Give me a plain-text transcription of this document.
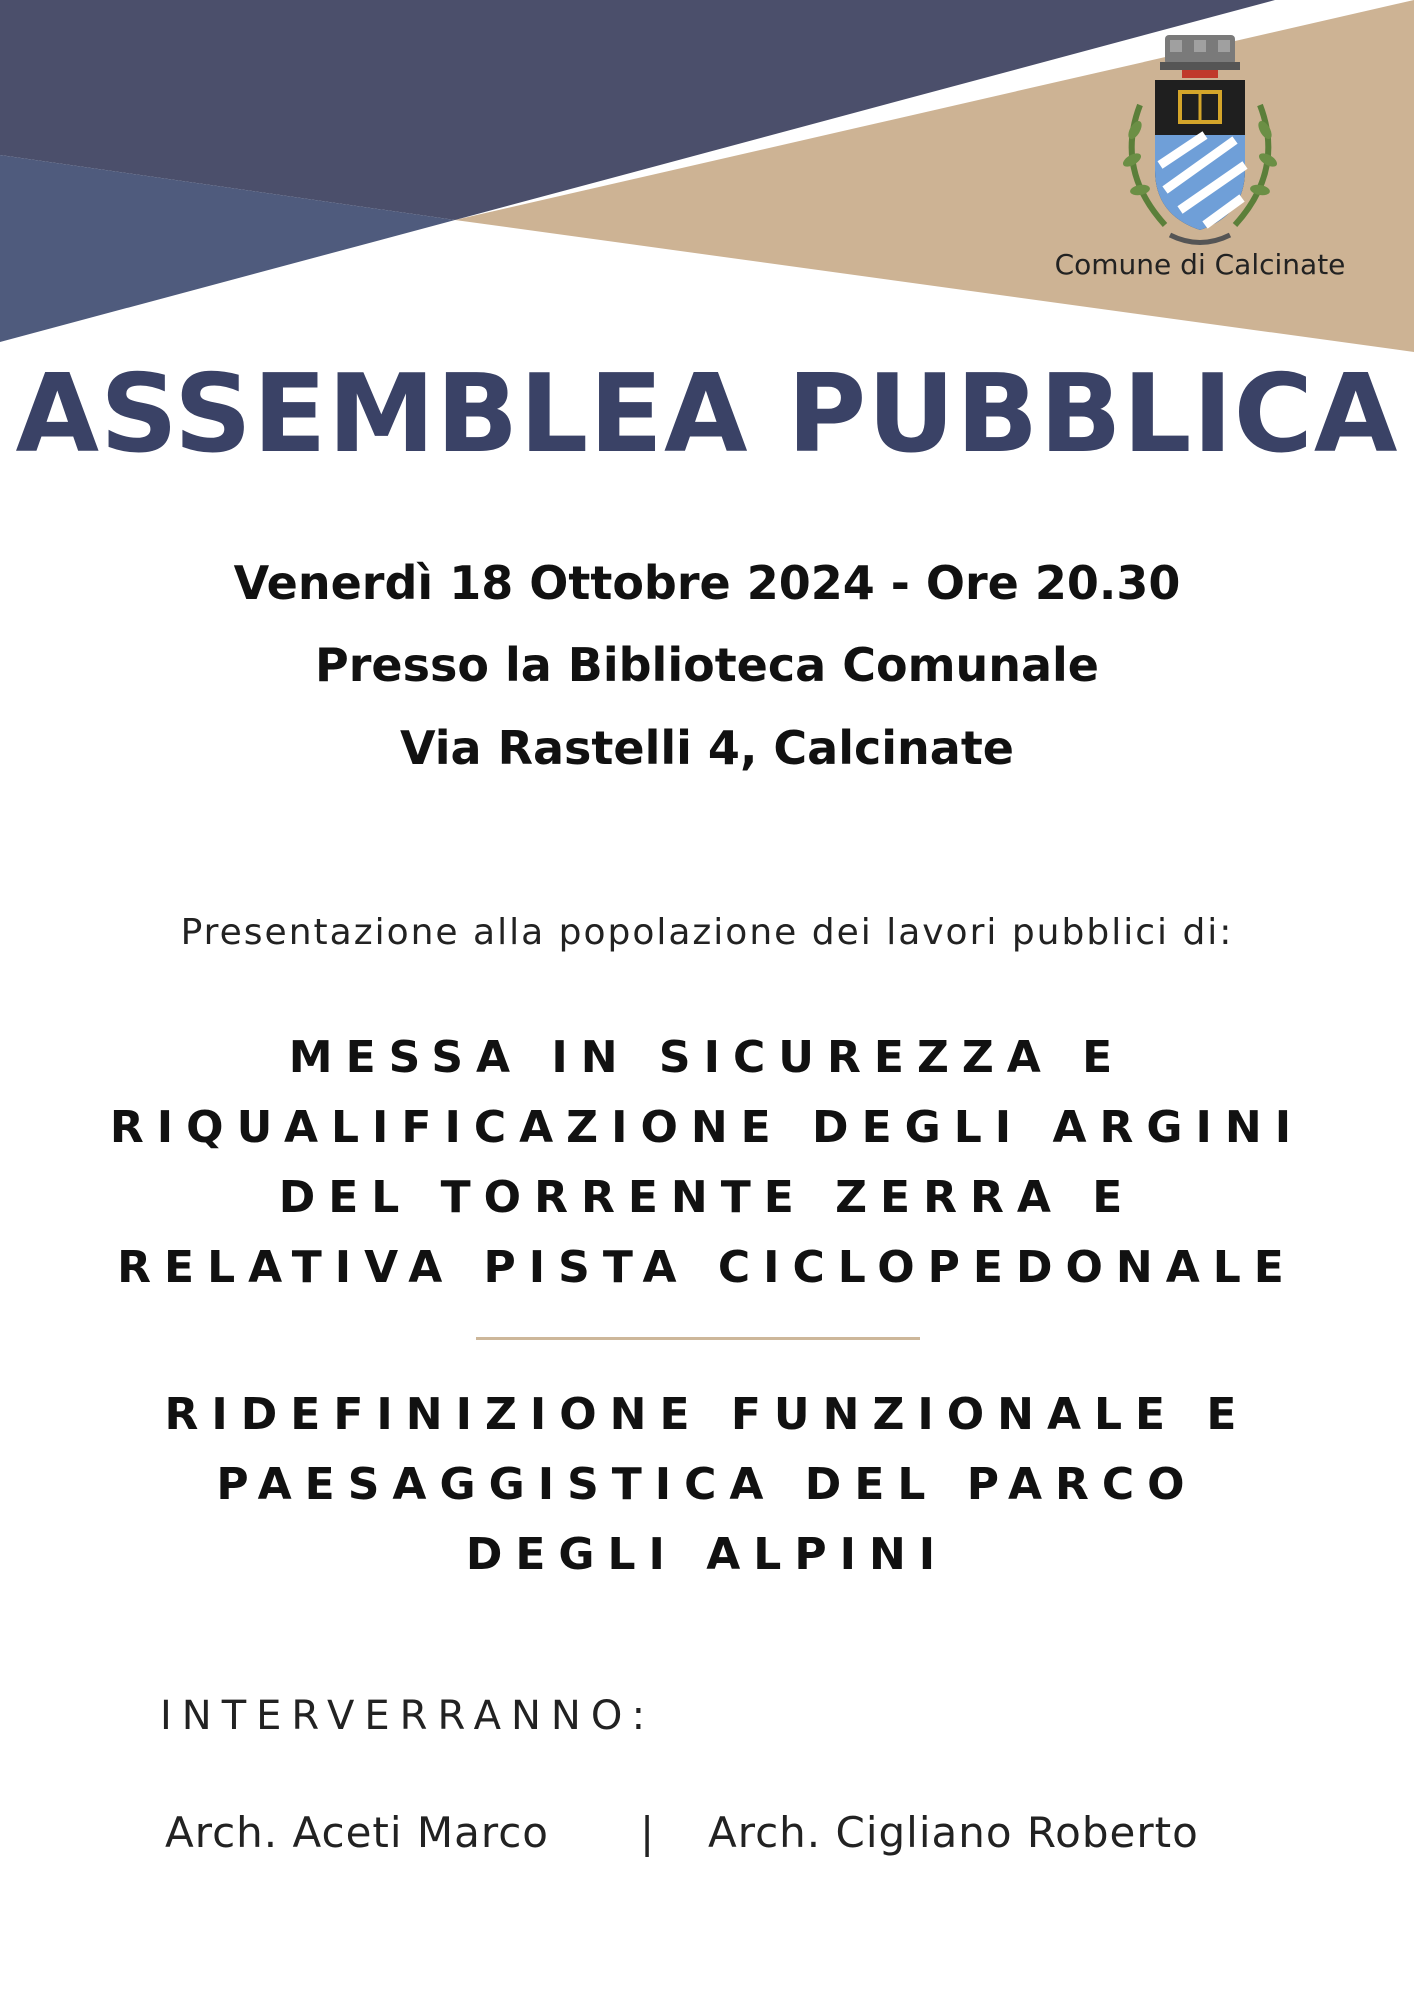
Comune di Calcinate
ASSEMBLEA PUBBLICA
Venerdì 18 Ottobre 2024 - Ore 20.30
Presso la Biblioteca Comunale
Via Rastelli 4, Calcinate
Presentazione alla popolazione dei lavori pubblici di:
MESSA IN SICUREZZA E
RIQUALIFICAZIONE DEGLI ARGINI
DEL TORRENTE ZERRA E
RELATIVA PISTA CICLOPEDONALE
RIDEFINIZIONE FUNZIONALE E
PAESAGGISTICA DEL PARCO
DEGLI ALPINI
INTERVERRANNO:
Arch. Aceti Marco | Arch. Cigliano Roberto
